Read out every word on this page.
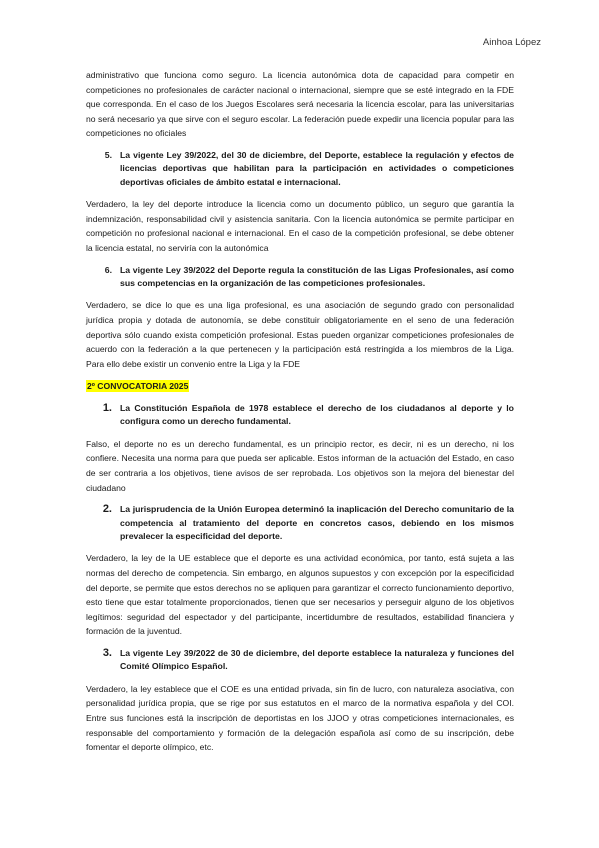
Ainhoa López

administrativo que funciona como seguro. La licencia autonómica dota de capacidad para competir en competiciones no profesionales de carácter nacional o internacional, siempre que se esté integrado en la FDE que corresponda. En el caso de los Juegos Escolares será necesaria la licencia escolar, para las universitarias no será necesario ya que sirve con el seguro escolar. La federación puede expedir una licencia popular para las competiciones no oficiales

5. La vigente Ley 39/2022, del 30 de diciembre, del Deporte, establece la regulación y efectos de licencias deportivas que habilitan para la participación en actividades o competiciones deportivas oficiales de ámbito estatal e internacional.

Verdadero, la ley del deporte introduce la licencia como un documento público, un seguro que garantía la indemnización, responsabilidad civil y asistencia sanitaria. Con la licencia autonómica se permite participar en competición no profesional nacional e internacional. En el caso de la competición profesional, se debe obtener la licencia estatal, no serviría con la autonómica

6. La vigente Ley 39/2022 del Deporte regula la constitución de las Ligas Profesionales, así como sus competencias en la organización de las competiciones profesionales.

Verdadero, se dice lo que es una liga profesional, es una asociación de segundo grado con personalidad jurídica propia y dotada de autonomía, se debe constituir obligatoriamente en el seno de una federación deportiva sólo cuando exista competición profesional. Estas pueden organizar competiciones profesionales de acuerdo con la federación a la que pertenecen y la participación está restringida a los miembros de la Liga. Para ello debe existir un convenio entre la Liga y la FDE

2º CONVOCATORIA 2025
1. La Constitución Española de 1978 establece el derecho de los ciudadanos al deporte y lo configura como un derecho fundamental.

Falso, el deporte no es un derecho fundamental, es un principio rector, es decir, ni es un derecho, ni los confiere. Necesita una norma para que pueda ser aplicable. Estos informan de la actuación del Estado, en caso de ser contraria a los objetivos, tiene avisos de ser reprobada. Los objetivos son la mejora del bienestar del ciudadano

2. La jurisprudencia de la Unión Europea determinó la inaplicación del Derecho comunitario de la competencia al tratamiento del deporte en concretos casos, debiendo en los mismos prevalecer la especificidad del deporte.

Verdadero, la ley de la UE establece que el deporte es una actividad económica, por tanto, está sujeta a las normas del derecho de competencia. Sin embargo, en algunos supuestos y con excepción por la especificidad del deporte, se permite que estos derechos no se apliquen para garantizar el correcto funcionamiento deportivo, esto tiene que estar totalmente proporcionados, tienen que ser necesarios y perseguir alguno de los objetivos legítimos: seguridad del espectador y del participante, incertidumbre de resultados, estabilidad financiera y formación de la juventud.

3. La vigente Ley 39/2022 de 30 de diciembre, del deporte establece la naturaleza y funciones del Comité Olímpico Español.

Verdadero, la ley establece que el COE es una entidad privada, sin fin de lucro, con naturaleza asociativa, con personalidad jurídica propia, que se rige por sus estatutos en el marco de la normativa española y del COI. Entre sus funciones está la inscripción de deportistas en los JJOO y otras competiciones internacionales, es responsable del comportamiento y formación de la delegación española así como de su inscripción, debe fomentar el deporte olímpico, etc.
